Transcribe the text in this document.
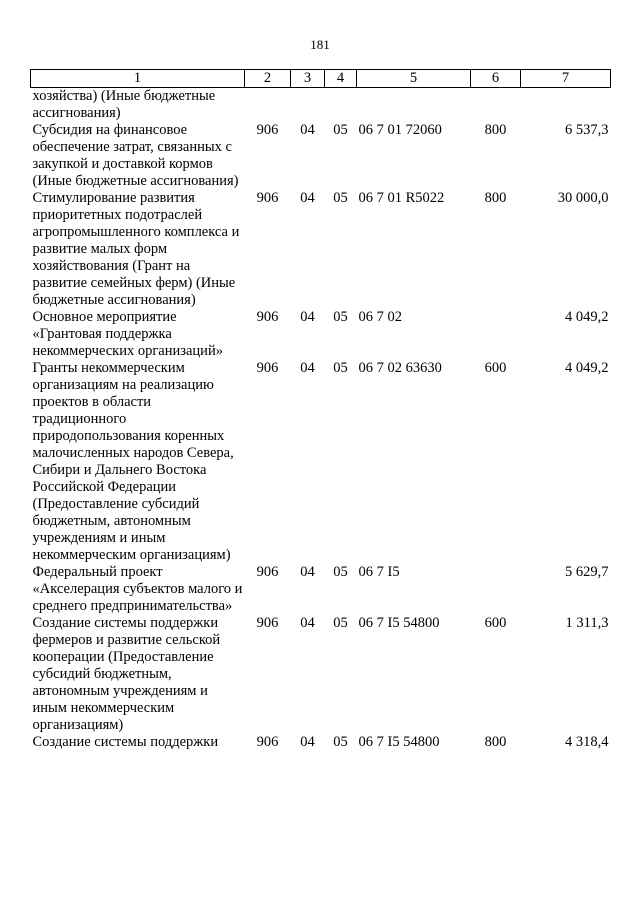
181
1	2	3	4	5	6	7
хозяйства) (Иные бюджетные ассигнования)						
Субсидия на финансовое обеспечение затрат, связанных с закупкой и доставкой кормов (Иные бюджетные ассигнования)	906	04	05	06 7 01 72060	800	6 537,3
Стимулирование развития приоритетных подотраслей агропромышленного комплекса и развитие малых форм хозяйствования (Грант на развитие семейных ферм) (Иные бюджетные ассигнования)	906	04	05	06 7 01 R5022	800	30 000,0
Основное мероприятие «Грантовая поддержка некоммерческих организаций»	906	04	05	06 7 02		4 049,2
Гранты некоммерческим организациям на реализацию проектов в области традиционного природопользования коренных малочисленных народов Севера, Сибири и Дальнего Востока Российской Федерации (Предоставление субсидий бюджетным, автономным учреждениям и иным некоммерческим организациям)	906	04	05	06 7 02 63630	600	4 049,2
Федеральный проект «Акселерация субъектов малого и среднего предпринимательства»	906	04	05	06 7 I5		5 629,7
Создание системы поддержки фермеров и развитие сельской кооперации (Предоставление субсидий бюджетным, автономным учреждениям и иным некоммерческим организациям)	906	04	05	06 7 I5 54800	600	1 311,3
Создание системы поддержки	906	04	05	06 7 I5 54800	800	4 318,4
